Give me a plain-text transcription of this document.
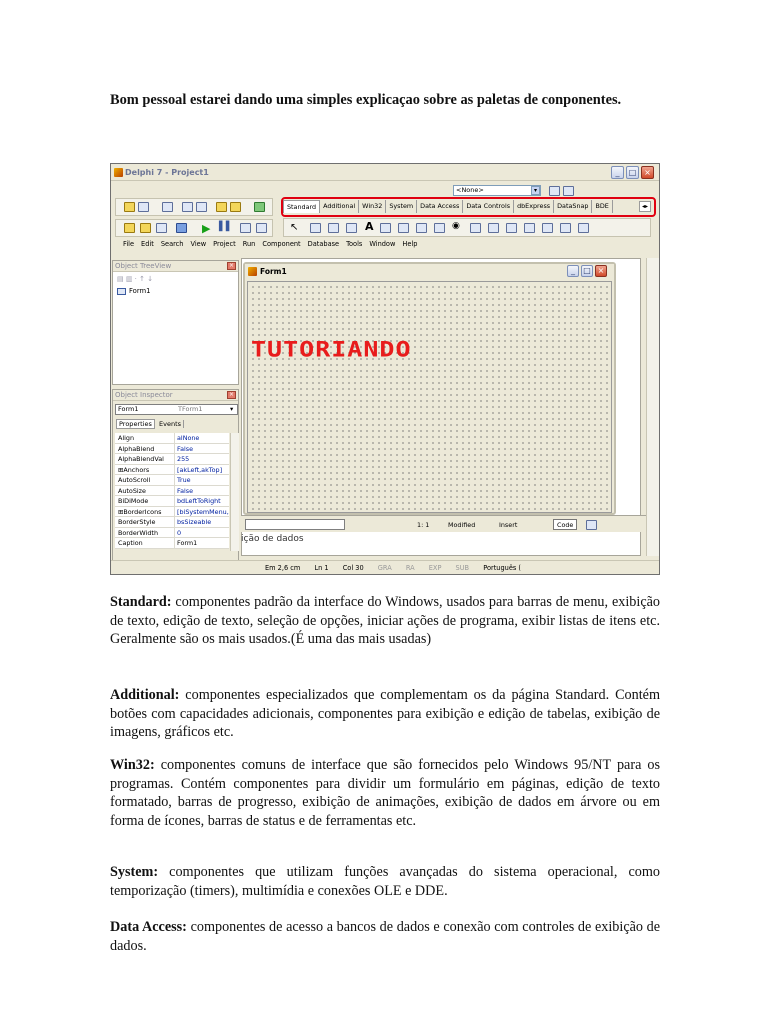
Bom pessoal estarei dando uma simples explicaçao sobre as paletas de conponentes.
Delphi 7 - Project1	_	□ ×
<None>	▾
Standard	Additional	Win32	System	Data Access	Data Controls	dbExpress	DataSnap	BDE	◂▸
▶ ▌▌	↖	A	◉
File Edit Search View Project Run Component Database Tools Window Help
ição de dados
1: 1	Modified	Insert	Code
Object TreeView	×
▤ ▥ · ↑ ↓
Form1
Object Inspector	×
Form1	TForm1	▾
Properties	Events
Align	alNone
AlphaBlend	False
AlphaBlendVal	255
⊞Anchors	[akLeft,akTop]
AutoScroll	True
AutoSize	False
BiDiMode	bdLeftToRight
⊞BorderIcons	[biSystemMenu,
BorderStyle	bsSizeable
BorderWidth	0
Caption	Form1
Form1	_	□ ×
TUTORIANDO
Em 2,6 cm Ln 1 Col 30 GRA RA EXP SUB Português (
Standard: componentes padrão da interface do Windows, usados para barras de menu, exibição de texto, edição de texto, seleção de opções, iniciar ações de programa, exibir listas de itens etc. Geralmente são os mais usados.(É uma das mais usadas)
Additional: componentes especializados que complementam os da página Standard. Contém botões com capacidades adicionais, componentes para exibição e edição de tabelas, exibição de imagens, gráficos etc.
Win32: componentes comuns de interface que são fornecidos pelo Windows 95/NT para os programas. Contém componentes para dividir um formulário em páginas, edição de texto formatado, barras de progresso, exibição de animações, exibição de dados em árvore ou em forma de ícones, barras de status e de ferramentas etc.
System: componentes que utilizam funções avançadas do sistema operacional, como temporização (timers), multimídia e conexões OLE e DDE.
Data Access: componentes de acesso a bancos de dados e conexão com controles de exibição de dados.
